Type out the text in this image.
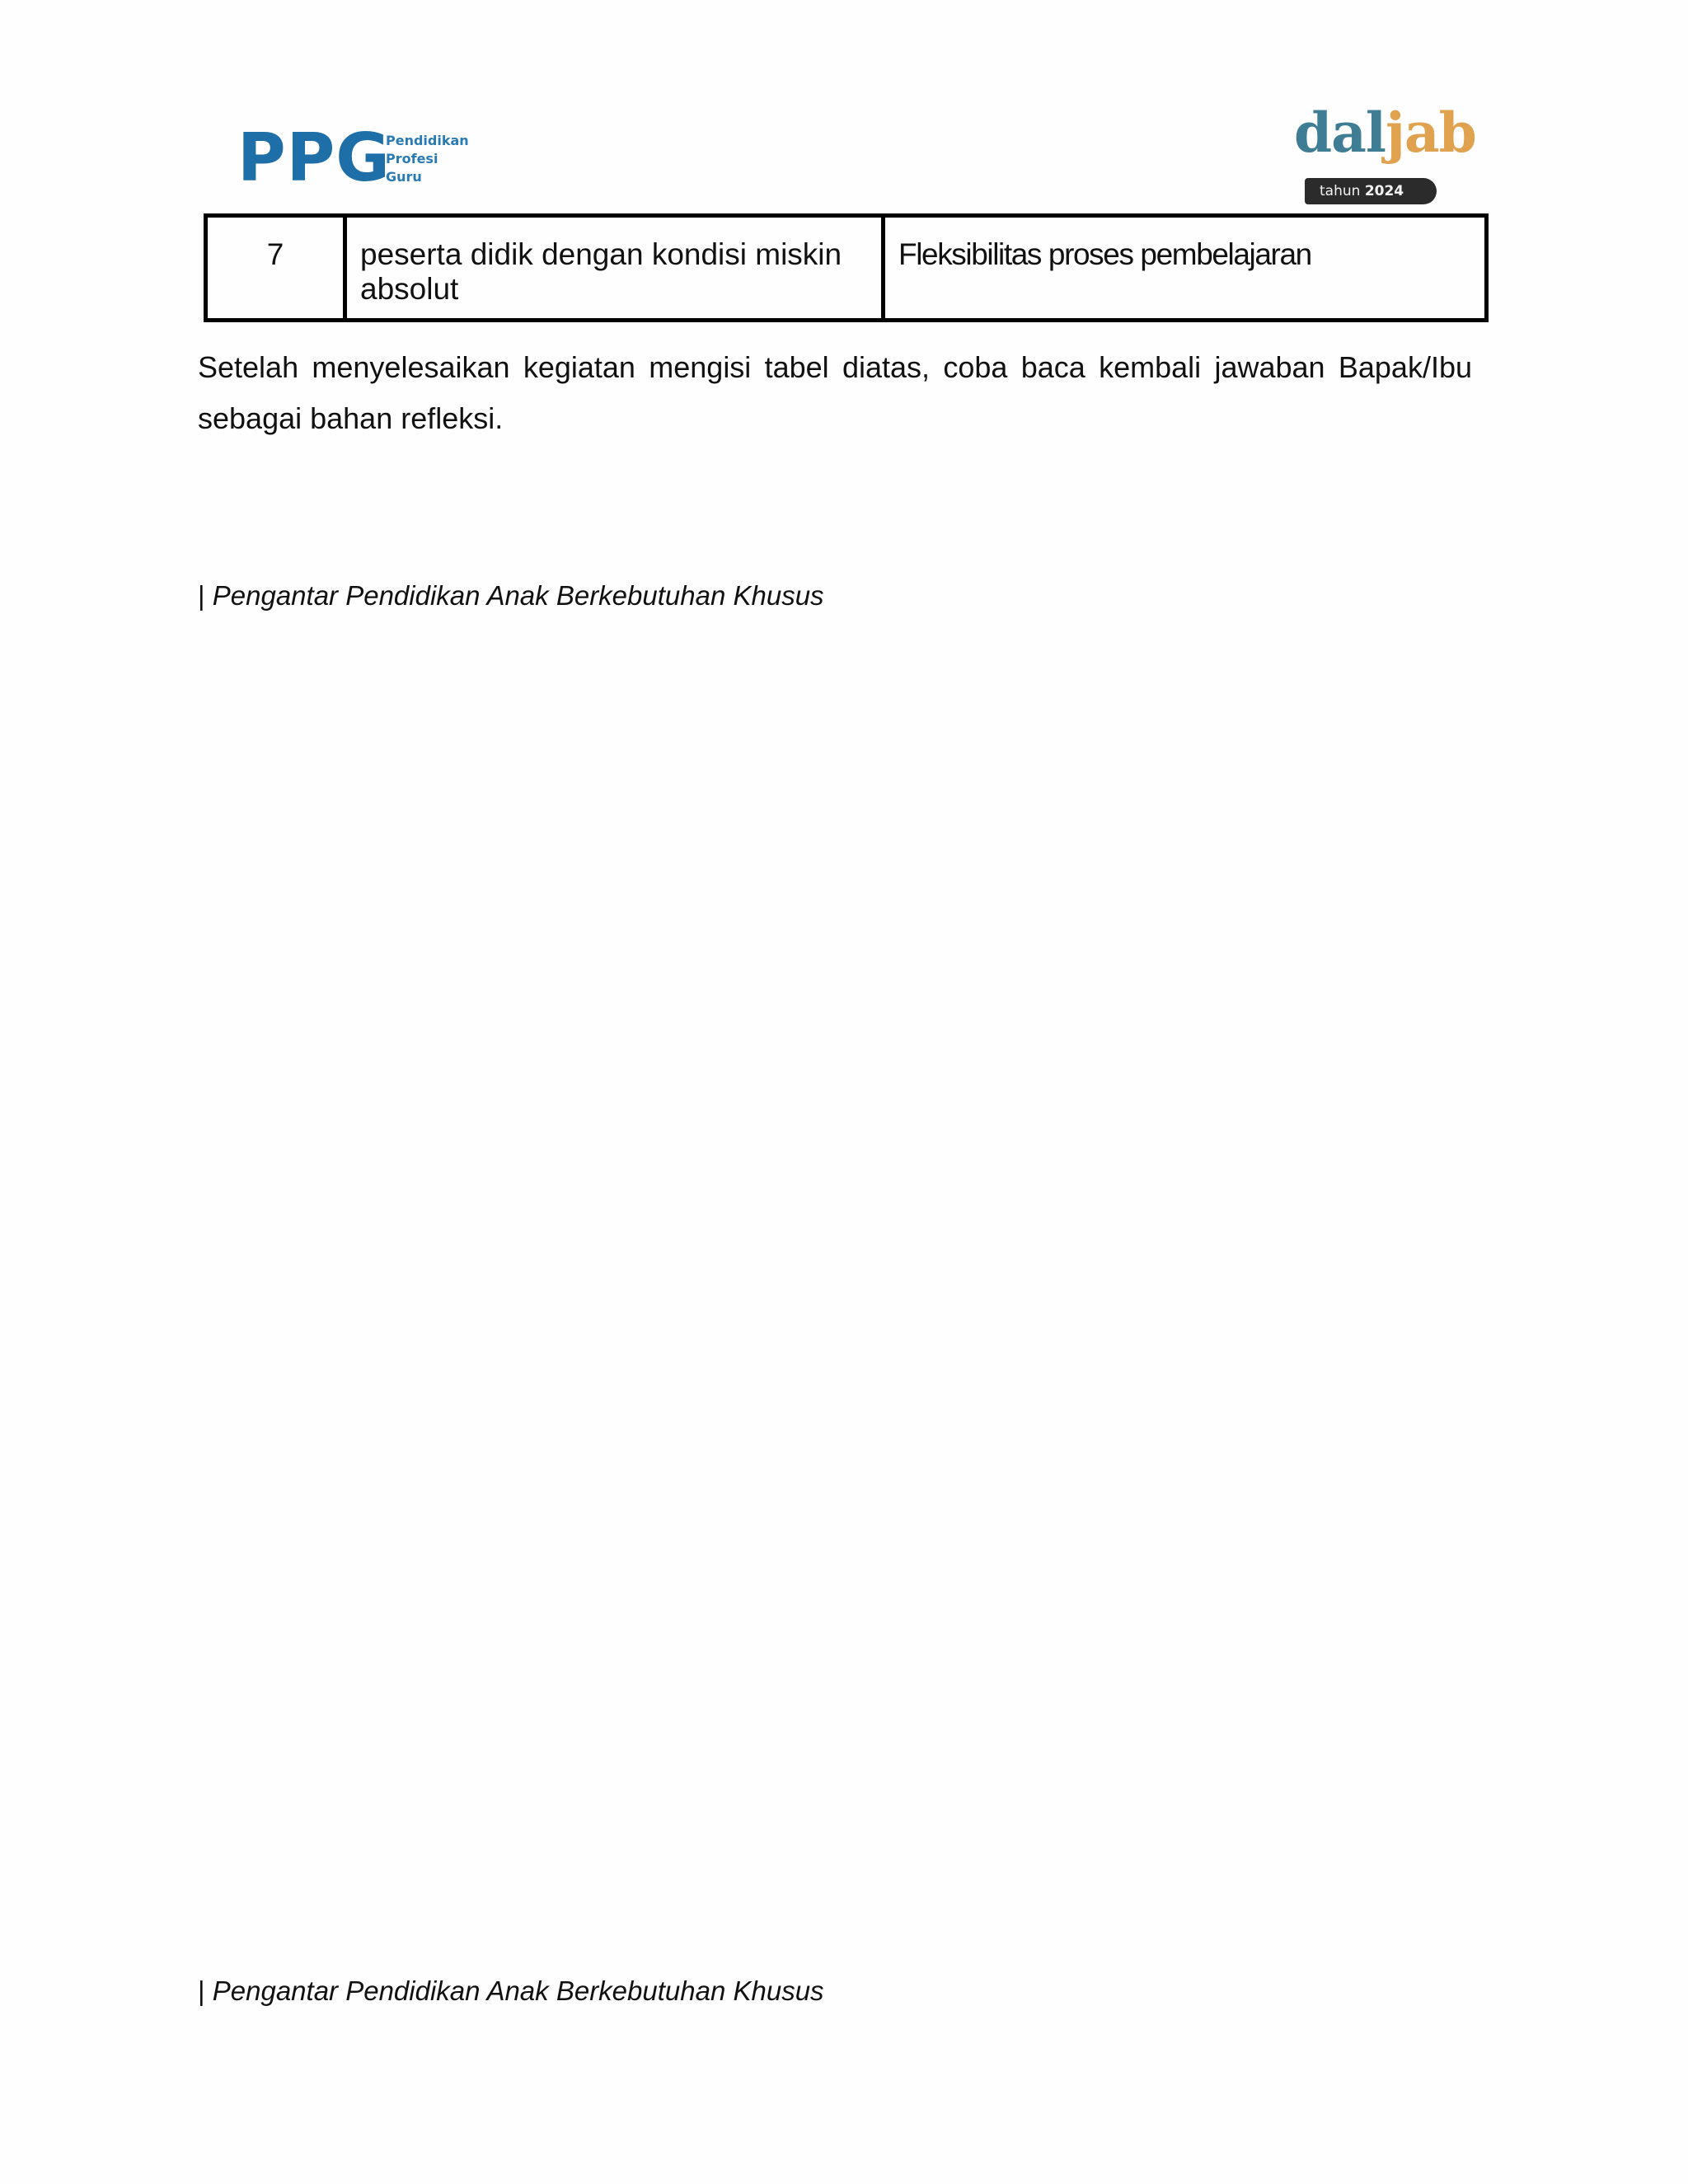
PPG
Pendidikan
Profesi
Guru
daljab
tahun 2024
7	peserta didik dengan kondisi miskin absolut	Fleksibilitas proses pembelajaran

Setelah menyelesaikan kegiatan mengisi tabel diatas, coba baca kembali jawaban Bapak/Ibu sebagai bahan refleksi.

| Pengantar Pendidikan Anak Berkebutuhan Khusus

| Pengantar Pendidikan Anak Berkebutuhan Khusus
